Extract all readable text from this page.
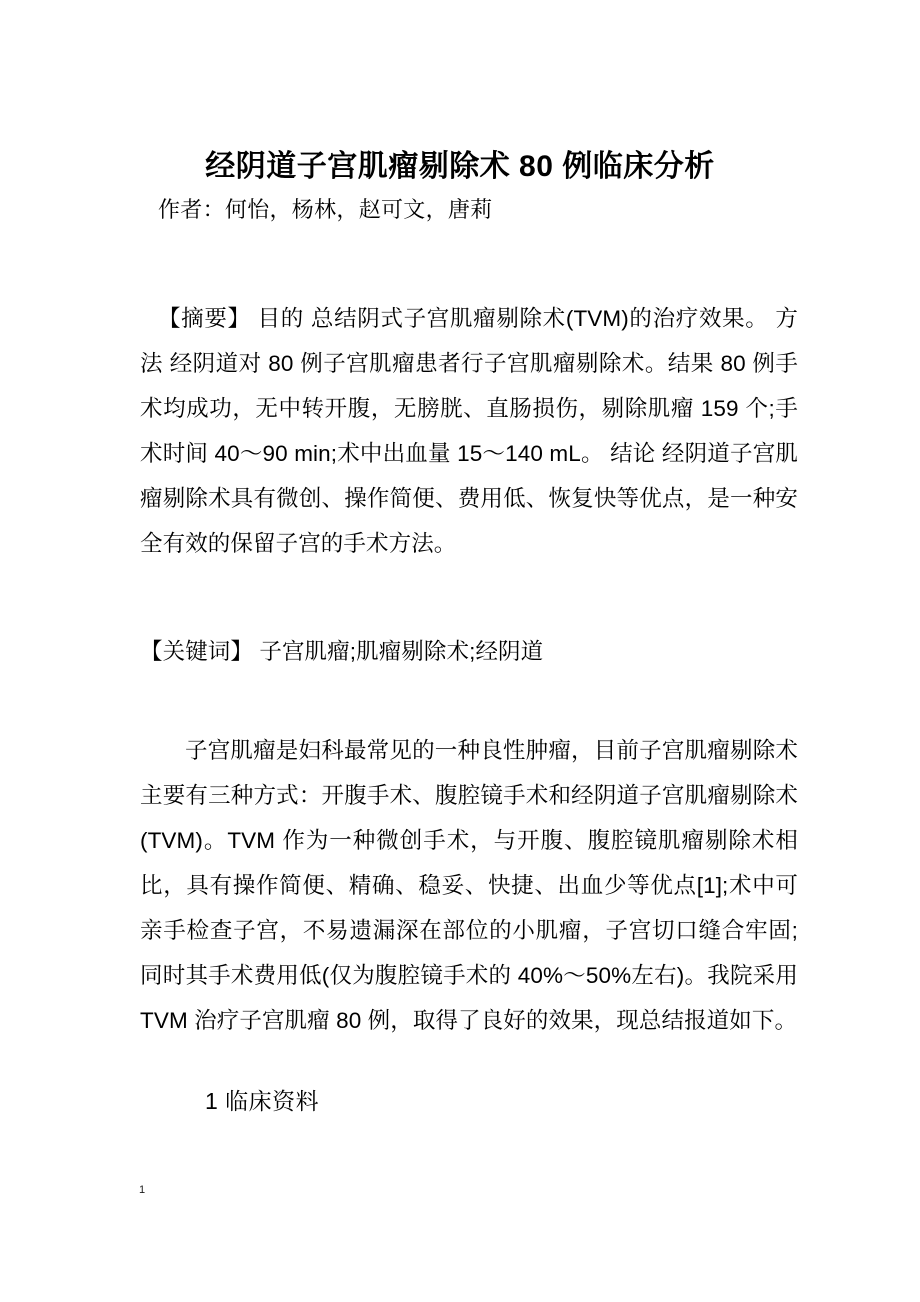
经阴道子宫肌瘤剔除术 80 例临床分析
作者：何怡，杨林，赵可文，唐莉
【摘要】 目的 总结阴式子宫肌瘤剔除术(TVM)的治疗效果。 方法 经阴道对 80 例子宫肌瘤患者行子宫肌瘤剔除术。结果 80 例手术均成功，无中转开腹，无膀胱、直肠损伤，剔除肌瘤 159 个;手术时间 40～90 min;术中出血量 15～140 mL。 结论 经阴道子宫肌瘤剔除术具有微创、操作简便、费用低、恢复快等优点，是一种安全有效的保留子宫的手术方法。
【关键词】 子宫肌瘤;肌瘤剔除术;经阴道
子宫肌瘤是妇科最常见的一种良性肿瘤，目前子宫肌瘤剔除术主要有三种方式：开腹手术、腹腔镜手术和经阴道子宫肌瘤剔除术(TVM)。TVM 作为一种微创手术，与开腹、腹腔镜肌瘤剔除术相比，具有操作简便、精确、稳妥、快捷、出血少等优点[1];术中可亲手检查子宫，不易遗漏深在部位的小肌瘤，子宫切口缝合牢固;同时其手术费用低(仅为腹腔镜手术的 40%～50%左右)。我院采用 TVM 治疗子宫肌瘤 80 例，取得了良好的效果，现总结报道如下。
1 临床资料
1
